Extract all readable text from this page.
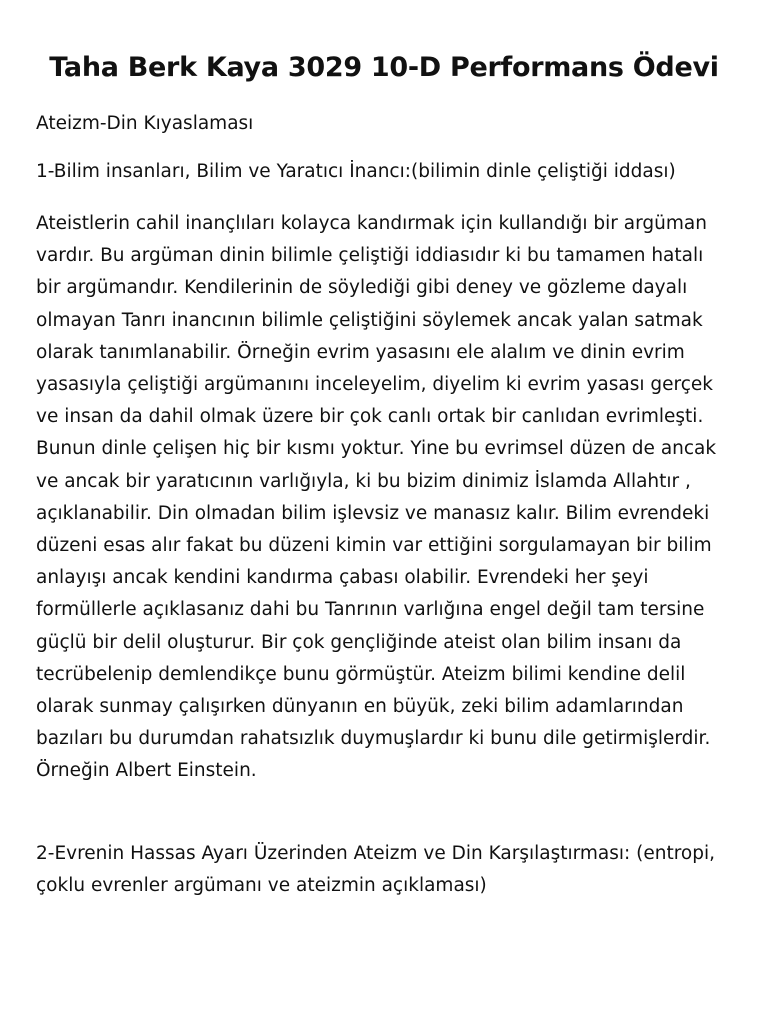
Taha Berk Kaya 3029 10-D Performans Ödevi

Ateizm-Din Kıyaslaması

1-Bilim insanları, Bilim ve Yaratıcı İnancı:(bilimin dinle çeliştiği iddası)

Ateistlerin cahil inançlıları kolayca kandırmak için kullandığı bir argüman vardır. Bu argüman dinin bilimle çeliştiği iddiasıdır ki bu tamamen hatalı bir argümandır. Kendilerinin de söylediği gibi deney ve gözleme dayalı olmayan Tanrı inancının bilimle çeliştiğini söylemek ancak yalan satmak olarak tanımlanabilir. Örneğin evrim yasasını ele alalım ve dinin evrim yasasıyla çeliştiği argümanını inceleyelim, diyelim ki evrim yasası gerçek ve insan da dahil olmak üzere bir çok canlı ortak bir canlıdan evrimleşti. Bunun dinle çelişen hiç bir kısmı yoktur. Yine bu evrimsel düzen de ancak ve ancak bir yaratıcının varlığıyla, ki bu bizim dinimiz İslamda Allahtır , açıklanabilir. Din olmadan bilim işlevsiz ve manasız kalır. Bilim evrendeki düzeni esas alır fakat bu düzeni kimin var ettiğini sorgulamayan bir bilim anlayışı ancak kendini kandırma çabası olabilir. Evrendeki her şeyi formüllerle açıklasanız dahi bu Tanrının varlığına engel değil tam tersine güçlü bir delil oluşturur. Bir çok gençliğinde ateist olan bilim insanı da tecrübelenip demlendikçe bunu görmüştür. Ateizm bilimi kendine delil olarak sunmay çalışırken dünyanın en büyük, zeki bilim adamlarından bazıları bu durumdan rahatsızlık duymuşlardır ki bunu dile getirmişlerdir. Örneğin Albert Einstein.

2-Evrenin Hassas Ayarı Üzerinden Ateizm ve Din Karşılaştırması: (entropi, çoklu evrenler argümanı ve ateizmin açıklaması)
